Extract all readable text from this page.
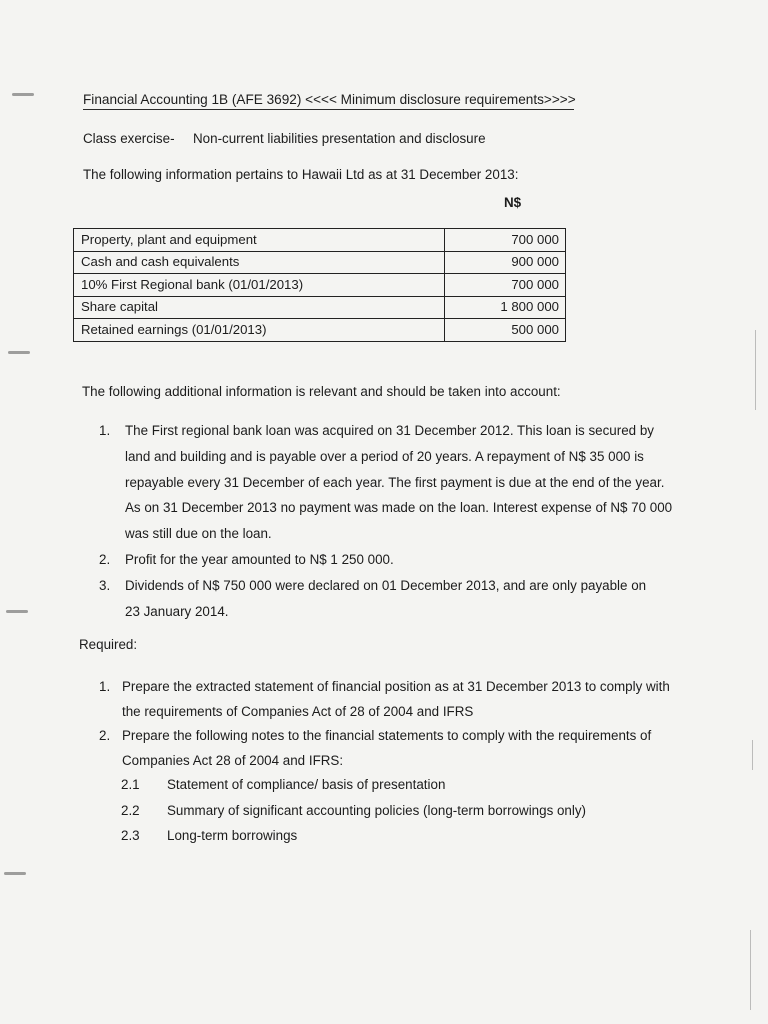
Financial Accounting 1B (AFE 3692) <<<< Minimum disclosure requirements>>>>
Class exercise- Non-current liabilities presentation and disclosure
The following information pertains to Hawaii Ltd as at 31 December 2013:
N$
Property, plant and equipment	700 000
Cash and cash equivalents	900 000
10% First Regional bank (01/01/2013)	700 000
Share capital	1 800 000
Retained earnings (01/01/2013)	500 000
The following additional information is relevant and should be taken into account:
1. The First regional bank loan was acquired on 31 December 2012. This loan is secured by
land and building and is payable over a period of 20 years. A repayment of N$ 35 000 is
repayable every 31 December of each year. The first payment is due at the end of the year.
As on 31 December 2013 no payment was made on the loan. Interest expense of N$ 70 000
was still due on the loan.
2. Profit for the year amounted to N$ 1 250 000.
3. Dividends of N$ 750 000 were declared on 01 December 2013, and are only payable on
23 January 2014.
Required:
1. Prepare the extracted statement of financial position as at 31 December 2013 to comply with
the requirements of Companies Act of 28 of 2004 and IFRS
2. Prepare the following notes to the financial statements to comply with the requirements of
Companies Act 28 of 2004 and IFRS:
2.1 Statement of compliance/ basis of presentation
2.2 Summary of significant accounting policies (long-term borrowings only)
2.3 Long-term borrowings
